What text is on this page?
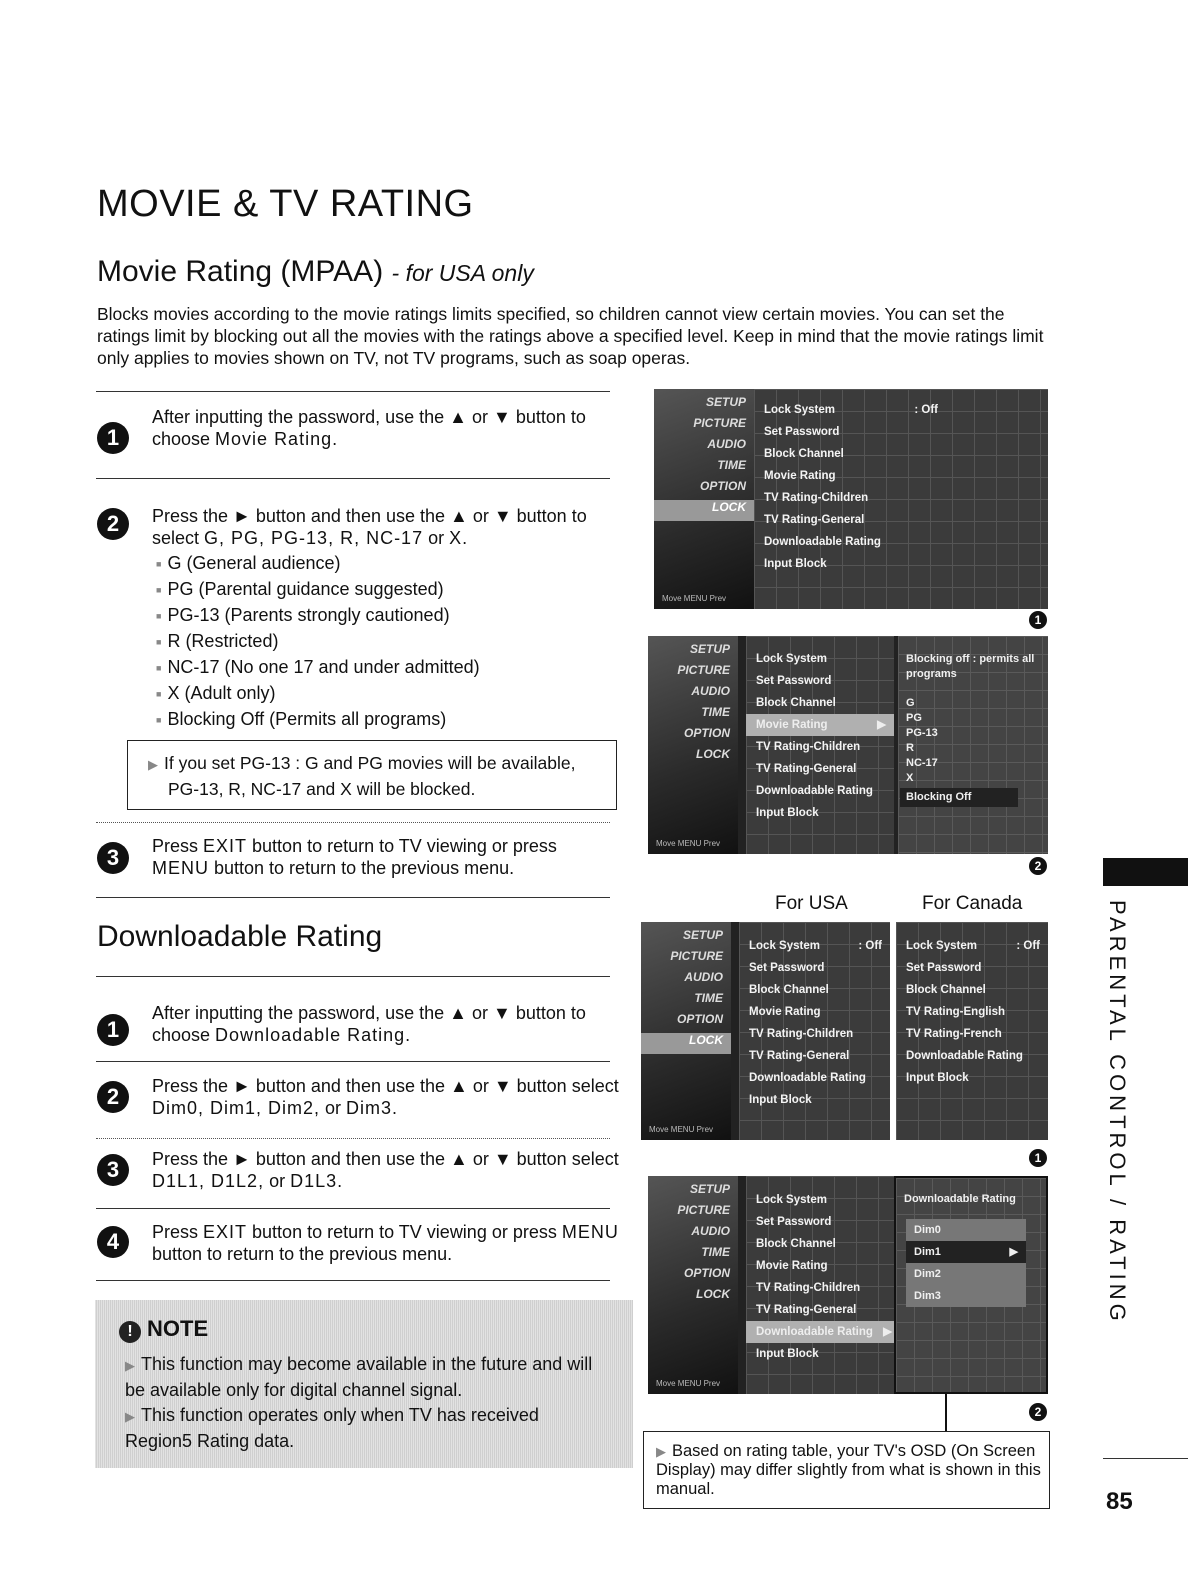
MOVIE & TV RATING
Movie Rating (MPAA) - for USA only
Blocks movies according to the movie ratings limits specified, so children cannot view certain movies. You can set the ratings limit by blocking out all the movies with the ratings above a specified level. Keep in mind that the movie ratings limit only applies to movies shown on TV, not TV programs, such as soap operas.
1
After inputting the password, use the ▲ or ▼ button to choose Movie Rating.
2	Press the ► button and then use the ▲ or ▼ button to select G, PG, PG-13, R, NC-17 or X.
■ G (General audience)
■ PG (Parental guidance suggested)
■ PG-13 (Parents strongly cautioned)
■ R (Restricted)
■ NC-17 (No one 17 and under admitted)
■ X (Adult only)
■ Blocking Off (Permits all programs)
▶ If you set PG-13 : G and PG movies will be available,
PG-13, R, NC-17 and X will be blocked.
3	Press EXIT button to return to TV viewing or press MENU button to return to the previous menu.
Downloadable Rating
1
After inputting the password, use the ▲ or ▼ button to choose Downloadable Rating.
2	Press the ► button and then use the ▲ or ▼ button select Dim0, Dim1, Dim2, or Dim3.
3	Press the ► button and then use the ▲ or ▼ button select D1L1, D1L2, or D1L3.
4	Press EXIT button to return to TV viewing or press MENU button to return to the previous menu.
! NOTE
▶ This function may become available in the future and will be available only for digital channel signal.
▶ This function operates only when TV has received Region5 Rating data.
SETUP
PICTURE
AUDIO
TIME
OPTION
LOCK
Move MENU Prev
Lock System	: Off
Set Password
Block Channel
Movie Rating
TV Rating-Children
TV Rating-General
Downloadable Rating
Input Block
1
SETUP
PICTURE
AUDIO
TIME
OPTION
LOCK
Move MENU Prev
Lock System
Set Password
Block Channel
Movie Rating	▶
TV Rating-Children
TV Rating-General
Downloadable Rating
Input Block
Blocking off : permits all programs
G
PG
PG-13
R
NC-17
X
Blocking Off
2
For USA	For Canada
SETUP
PICTURE
AUDIO
TIME
OPTION
LOCK
Move MENU Prev
Lock System	: Off
Set Password
Block Channel
Movie Rating
TV Rating-Children
TV Rating-General
Downloadable Rating
Input Block
Lock System	: Off
Set Password
Block Channel
TV Rating-English
TV Rating-French
Downloadable Rating
Input Block
1
SETUP
PICTURE
AUDIO
TIME
OPTION
LOCK
Move MENU Prev
Lock System
Set Password
Block Channel
Movie Rating
TV Rating-Children
TV Rating-General
Downloadable Rating ▶
Input Block
Downloadable Rating
Dim0
Dim1	▶
Dim2
Dim3
2
▶ Based on rating table, your TV's OSD (On Screen Display) may differ slightly from what is shown in this manual.
PARENTAL CONTROL / RATING
85
